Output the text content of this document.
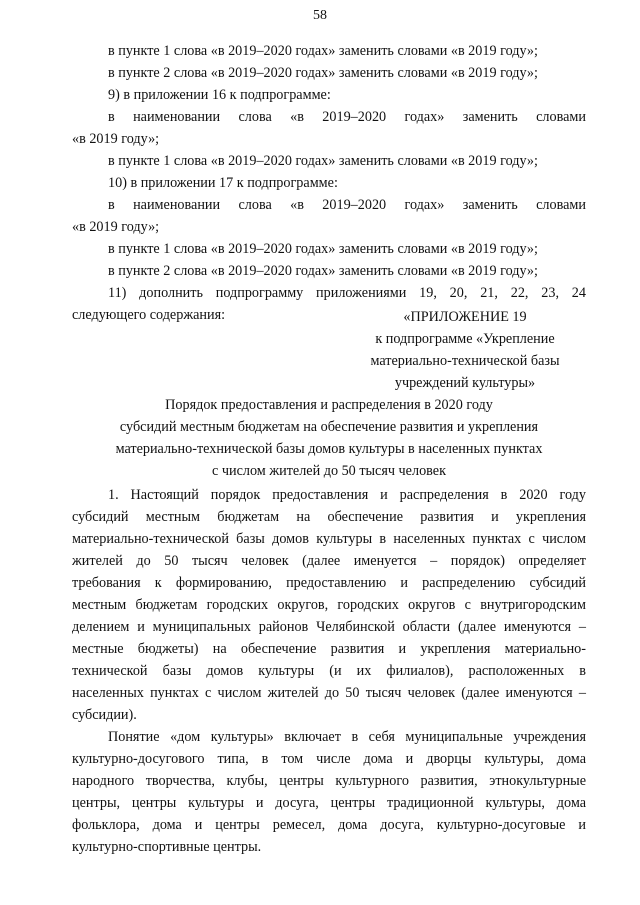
58
в пункте 1 слова «в 2019–2020 годах» заменить словами «в 2019 году»;
в пункте 2 слова «в 2019–2020 годах» заменить словами «в 2019 году»;
9) в приложении 16 к подпрограмме:
в наименовании слова «в 2019–2020 годах» заменить словами
«в 2019 году»;
в пункте 1 слова «в 2019–2020 годах» заменить словами «в 2019 году»;
10) в приложении 17 к подпрограмме:
в наименовании слова «в 2019–2020 годах» заменить словами
«в 2019 году»;
в пункте 1 слова «в 2019–2020 годах» заменить словами «в 2019 году»;
в пункте 2 слова «в 2019–2020 годах» заменить словами «в 2019 году»;
11) дополнить подпрограмму приложениями 19, 20, 21, 22, 23, 24
следующего содержания:	«ПРИЛОЖЕНИЕ 19
к подпрограмме «Укрепление
материально-технической базы
учреждений культуры»
Порядок предоставления и распределения в 2020 году
субсидий местным бюджетам на обеспечение развития и укрепления
материально-технической базы домов культуры в населенных пунктах
с числом жителей до 50 тысяч человек
1. Настоящий порядок предоставления и распределения в 2020 году
субсидий местным бюджетам на обеспечение развития и укрепления
материально-технической базы домов культуры в населенных пунктах с числом
жителей до 50 тысяч человек (далее именуется – порядок) определяет
требования к формированию, предоставлению и распределению субсидий
местным бюджетам городских округов, городских округов с внутригородским
делением и муниципальных районов Челябинской области (далее именуются –
местные бюджеты) на обеспечение развития и укрепления материально-
технической базы домов культуры (и их филиалов), расположенных в
населенных пунктах с числом жителей до 50 тысяч человек (далее именуются –
субсидии).
Понятие «дом культуры» включает в себя муниципальные учреждения
культурно-досугового типа, в том числе дома и дворцы культуры, дома
народного творчества, клубы, центры культурного развития, этнокультурные
центры, центры культуры и досуга, центры традиционной культуры, дома
фольклора, дома и центры ремесел, дома досуга, культурно-досуговые и
культурно-спортивные центры.
